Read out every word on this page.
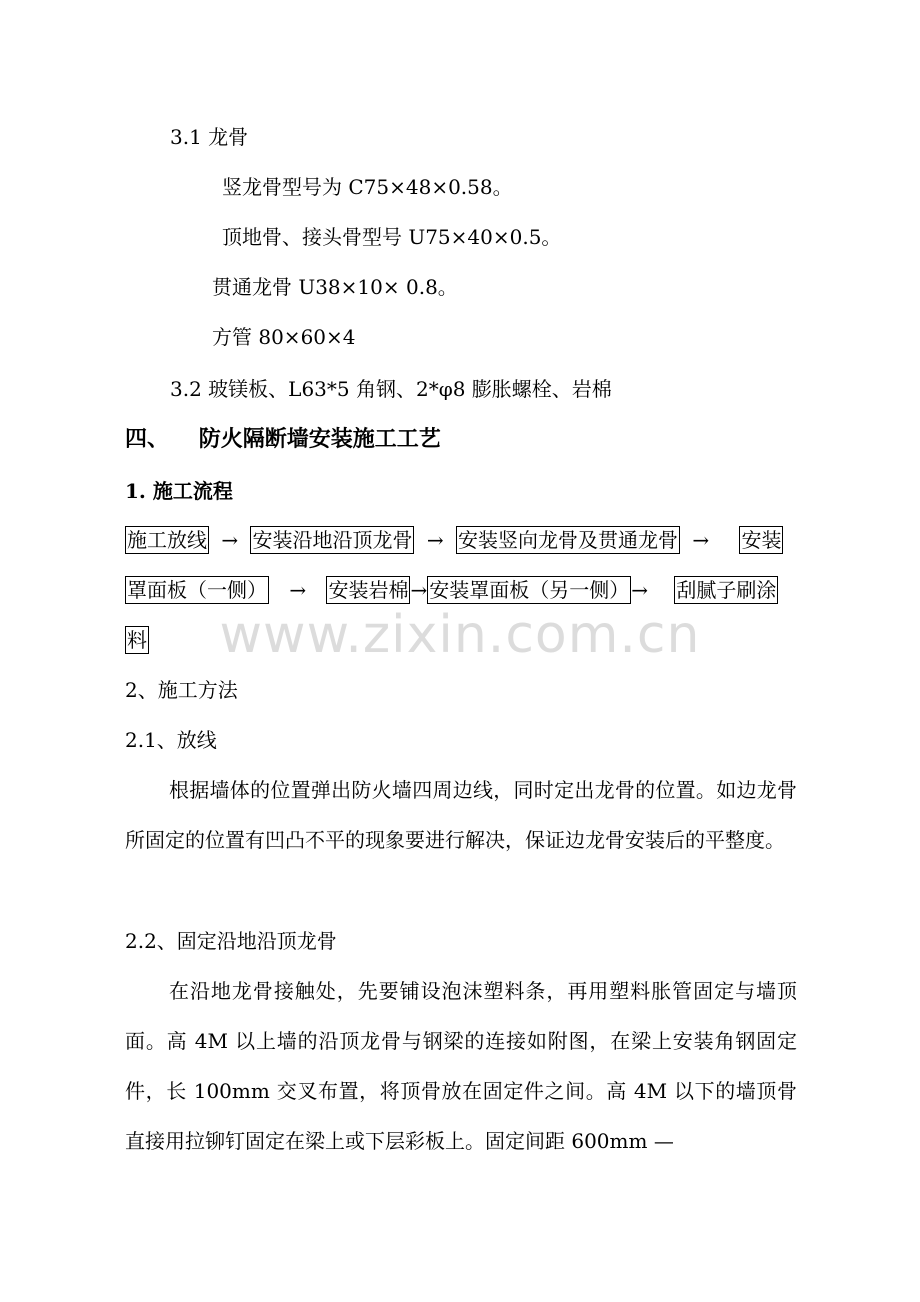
www.zixin.com.cn
3.1 龙骨
竖龙骨型号为 C75×48×0.58。
顶地骨、接头骨型号 U75×40×0.5。
贯通龙骨 U38×10× 0.8。
方管 80×60×4
3.2 玻镁板、L63*5 角钢、2*φ8 膨胀螺栓、岩棉
四、 防火隔断墙安装施工工艺
1. 施工流程
施工放线 → 安装沿地沿顶龙骨 → 安装竖向龙骨及贯通龙骨 → 安装
罩面板（一侧） → 安装岩棉 → 安装罩面板（另一侧） → 刮腻子刷涂
料
2、施工方法
2.1、放线
根据墙体的位置弹出防火墙四周边线，同时定出龙骨的位置。如边龙骨所固定的位置有凹凸不平的现象要进行解决，保证边龙骨安装后的平整度。
2.2、固定沿地沿顶龙骨
在沿地龙骨接触处，先要铺设泡沫塑料条，再用塑料胀管固定与墙顶面。高 4M 以上墙的沿顶龙骨与钢梁的连接如附图，在梁上安装角钢固定件，长 100mm 交叉布置，将顶骨放在固定件之间。高 4M 以下的墙顶骨直接用拉铆钉固定在梁上或下层彩板上。固定间距 600mm —
